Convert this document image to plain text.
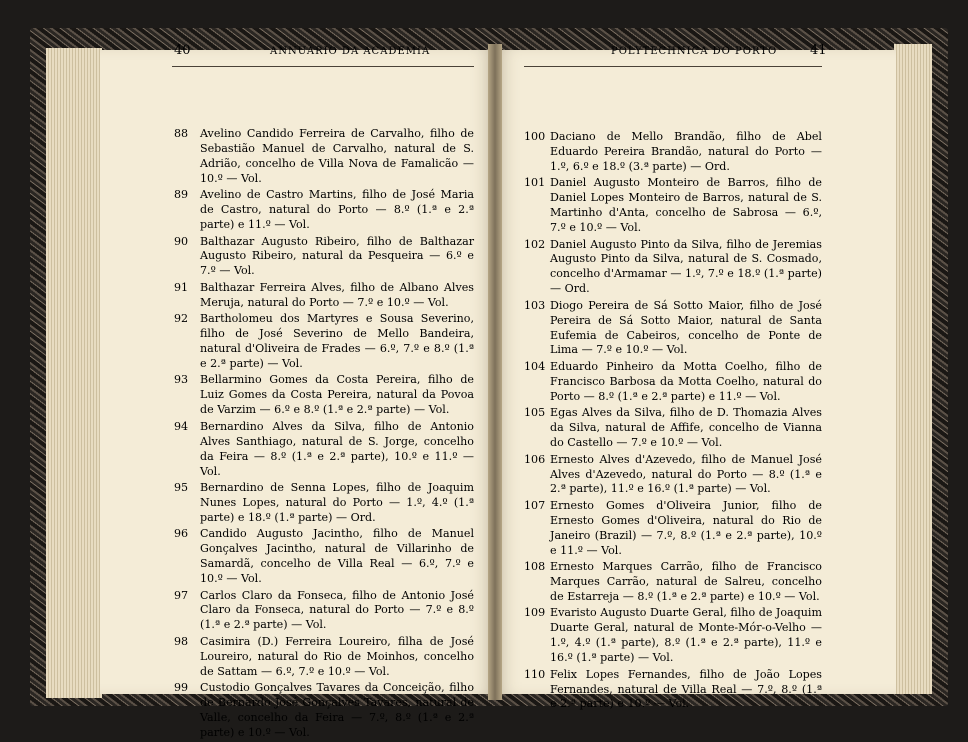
40	ANNUARIO DA ACADEMIA	POLYTECHNICA DO PORTO	41
88 Avelino Candido Ferreira de Carvalho, filho de Sebastião Manuel de Carvalho, natural de S. Adrião, concelho de Villa Nova de Famalicão — 10.º — Vol.
89 Avelino de Castro Martins, filho de José Maria de Castro, natural do Porto — 8.º (1.ª e 2.ª parte) e 11.º — Vol.
90 Balthazar Augusto Ribeiro, filho de Balthazar Augusto Ribeiro, natural da Pesqueira — 6.º e 7.º — Vol.
91 Balthazar Ferreira Alves, filho de Albano Alves Meruja, natural do Porto — 7.º e 10.º — Vol.
92 Bartholomeu dos Martyres e Sousa Severino, filho de José Severino de Mello Bandeira, natural d'Oliveira de Frades — 6.º, 7.º e 8.º (1.ª e 2.ª parte) — Vol.
93 Bellarmino Gomes da Costa Pereira, filho de Luiz Gomes da Costa Pereira, natural da Povoa de Varzim — 6.º e 8.º (1.ª e 2.ª parte) — Vol.
94 Bernardino Alves da Silva, filho de Antonio Alves Santhiago, natural de S. Jorge, concelho da Feira — 8.º (1.ª e 2.ª parte), 10.º e 11.º — Vol.
95 Bernardino de Senna Lopes, filho de Joaquim Nunes Lopes, natural do Porto — 1.º, 4.º (1.ª parte) e 18.º (1.ª parte) — Ord.
96 Candido Augusto Jacintho, filho de Manuel Gonçalves Jacintho, natural de Villarinho de Samardã, concelho de Villa Real — 6.º, 7.º e 10.º — Vol.
97 Carlos Claro da Fonseca, filho de Antonio José Claro da Fonseca, natural do Porto — 7.º e 8.º (1.ª e 2.ª parte) — Vol.
98 Casimira (D.) Ferreira Loureiro, filha de José Loureiro, natural do Rio de Moinhos, concelho de Sattam — 6.º, 7.º e 10.º — Vol.
99 Custodio Gonçalves Tavares da Conceição, filho de Bernardo José Gonçalves Tavares, natural de Valle, concelho da Feira — 7.º, 8.º (1.ª e 2.ª parte) e 10.º — Vol.
100 Daciano de Mello Brandão, filho de Abel Eduardo Pereira Brandão, natural do Porto — 1.º, 6.º e 18.º (3.ª parte) — Ord.
101 Daniel Augusto Monteiro de Barros, filho de Daniel Lopes Monteiro de Barros, natural de S. Martinho d'Anta, concelho de Sabrosa — 6.º, 7.º e 10.º — Vol.
102 Daniel Augusto Pinto da Silva, filho de Jeremias Augusto Pinto da Silva, natural de S. Cosmado, concelho d'Armamar — 1.º, 7.º e 18.º (1.ª parte) — Ord.
103 Diogo Pereira de Sá Sotto Maior, filho de José Pereira de Sá Sotto Maior, natural de Santa Eufemia de Cabeiros, concelho de Ponte de Lima — 7.º e 10.º — Vol.
104 Eduardo Pinheiro da Motta Coelho, filho de Francisco Barbosa da Motta Coelho, natural do Porto — 8.º (1.ª e 2.ª parte) e 11.º — Vol.
105 Egas Alves da Silva, filho de D. Thomazia Alves da Silva, natural de Affife, concelho de Vianna do Castello — 7.º e 10.º — Vol.
106 Ernesto Alves d'Azevedo, filho de Manuel José Alves d'Azevedo, natural do Porto — 8.º (1.ª e 2.ª parte), 11.º e 16.º (1.ª parte) — Vol.
107 Ernesto Gomes d'Oliveira Junior, filho de Ernesto Gomes d'Oliveira, natural do Rio de Janeiro (Brazil) — 7.º, 8.º (1.ª e 2.ª parte), 10.º e 11.º — Vol.
108 Ernesto Marques Carrão, filho de Francisco Marques Carrão, natural de Salreu, concelho de Estarreja — 8.º (1.ª e 2.ª parte) e 10.º — Vol.
109 Evaristo Augusto Duarte Geral, filho de Joaquim Duarte Geral, natural de Monte-Mór-o-Velho — 1.º, 4.º (1.ª parte), 8.º (1.ª e 2.ª parte), 11.º e 16.º (1.ª parte) — Vol.
110 Felix Lopes Fernandes, filho de João Lopes Fernandes, natural de Villa Real — 7.º, 8.º (1.ª e 2.ª parte) e 10.º — Vol.
